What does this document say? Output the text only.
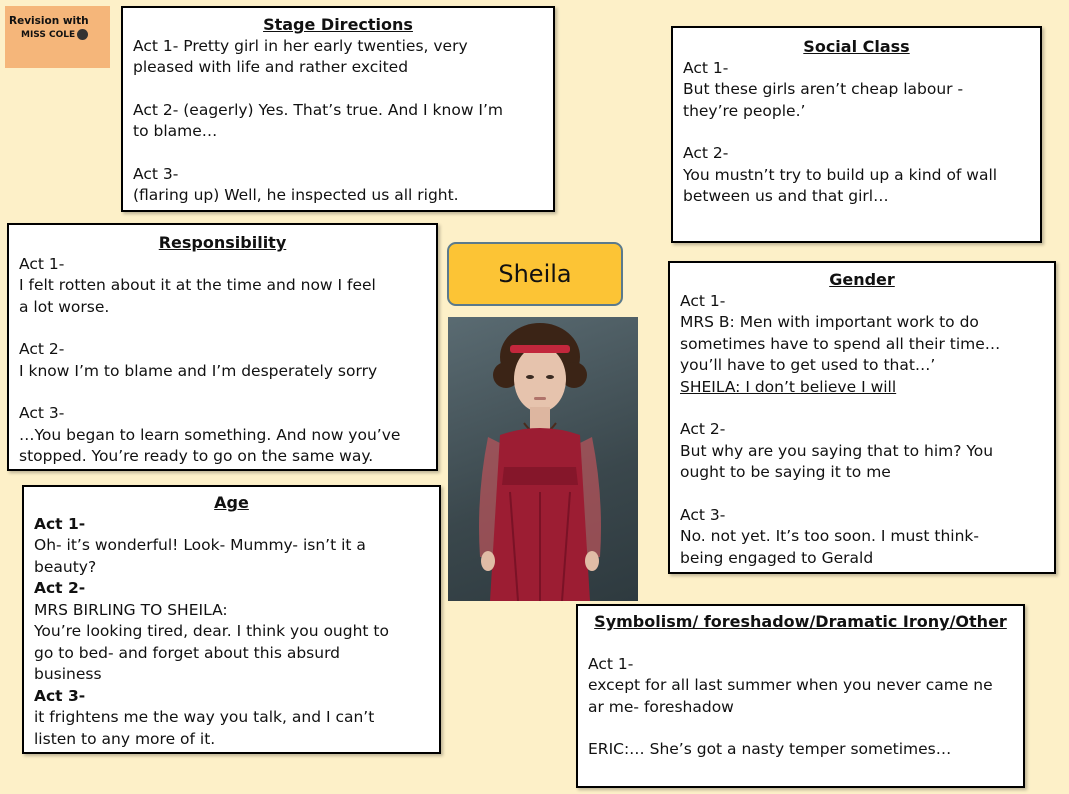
Revision with
MISS COLE
Stage Directions
Act 1- Pretty girl in her early twenties, very
pleased with life and rather excited
Act 2- (eagerly) Yes. That’s true. And I know I’m
to blame…
Act 3-
(flaring up) Well, he inspected us all right.
Social Class
Act 1-
But these girls aren’t cheap labour -
they’re people.’
Act 2-
You mustn’t try to build up a kind of wall
between us and that girl…
Responsibility
Act 1-
I felt rotten about it at the time and now I feel
a lot worse.
Act 2-
I know I’m to blame and I’m desperately sorry
Act 3-
…You began to learn something. And now you’ve
stopped. You’re ready to go on the same way.
Sheila	Gender
Act 1-
MRS B: Men with important work to do
sometimes have to spend all their time…
you’ll have to get used to that…’
SHEILA: I don’t believe I will
Act 2-
But why are you saying that to him? You
ought to be saying it to me
Act 3-
No. not yet. It’s too soon. I must think-
being engaged to Gerald
Age
Act 1-
Oh- it’s wonderful! Look- Mummy- isn’t it a
beauty?
Act 2-
MRS BIRLING TO SHEILA:
You’re looking tired, dear. I think you ought to
go to bed- and forget about this absurd
business
Act 3-
it frightens me the way you talk, and I can’t
listen to any more of it.
Symbolism/ foreshadow/Dramatic Irony/Other
Act 1-
except for all last summer when you never came ne
ar me- foreshadow
ERIC:… She’s got a nasty temper sometimes…
